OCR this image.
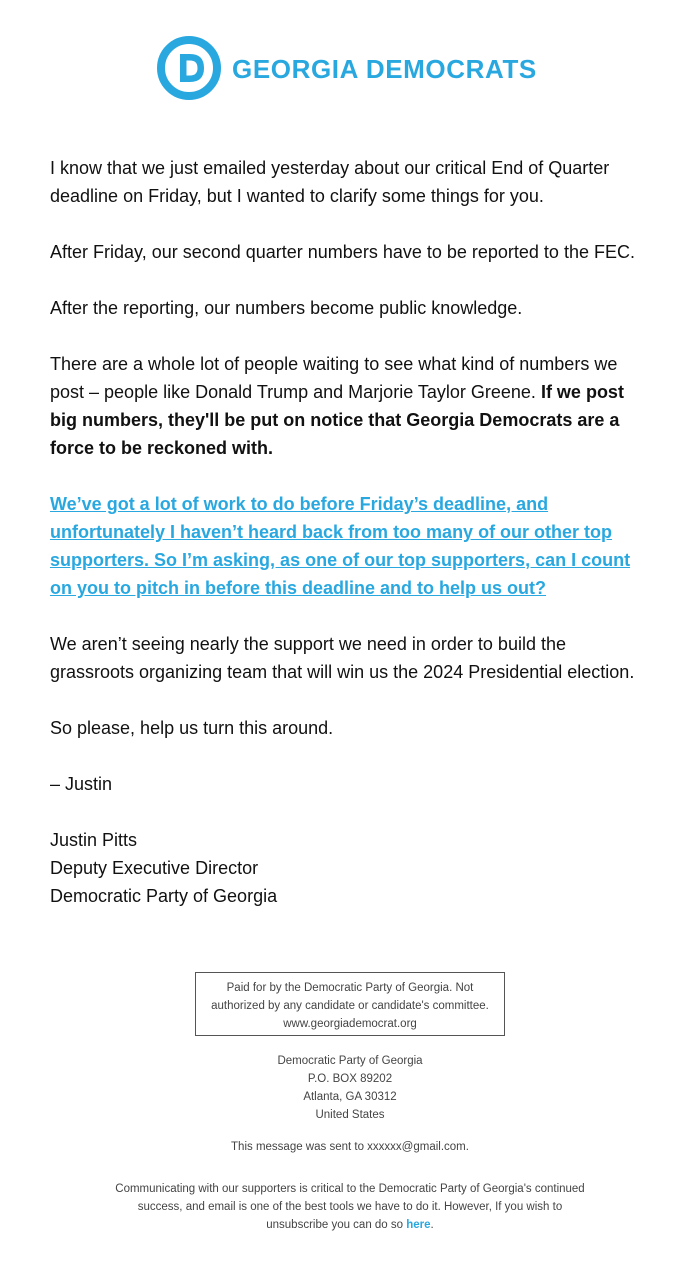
GEORGIA DEMOCRATS

I know that we just emailed yesterday about our critical End of Quarter
deadline on Friday, but I wanted to clarify some things for you.

After Friday, our second quarter numbers have to be reported to the FEC.

After the reporting, our numbers become public knowledge.

There are a whole lot of people waiting to see what kind of numbers we
post – people like Donald Trump and Marjorie Taylor Greene. If we post
big numbers, they'll be put on notice that Georgia Democrats are a
force to be reckoned with.

We’ve got a lot of work to do before Friday’s deadline, and
unfortunately I haven’t heard back from too many of our other top
supporters. So I’m asking, as one of our top supporters, can I count
on you to pitch in before this deadline and to help us out?

We aren’t seeing nearly the support we need in order to build the
grassroots organizing team that will win us the 2024 Presidential election.

So please, help us turn this around.

– Justin

Justin Pitts
Deputy Executive Director
Democratic Party of Georgia

Paid for by the Democratic Party of Georgia. Not
authorized by any candidate or candidate's committee.
www.georgiademocrat.org
Democratic Party of Georgia
P.O. BOX 89202
Atlanta, GA 30312
United States
This message was sent to xxxxxx@gmail.com.
Communicating with our supporters is critical to the Democratic Party of Georgia's continued
success, and email is one of the best tools we have to do it. However, If you wish to
unsubscribe you can do so here.
